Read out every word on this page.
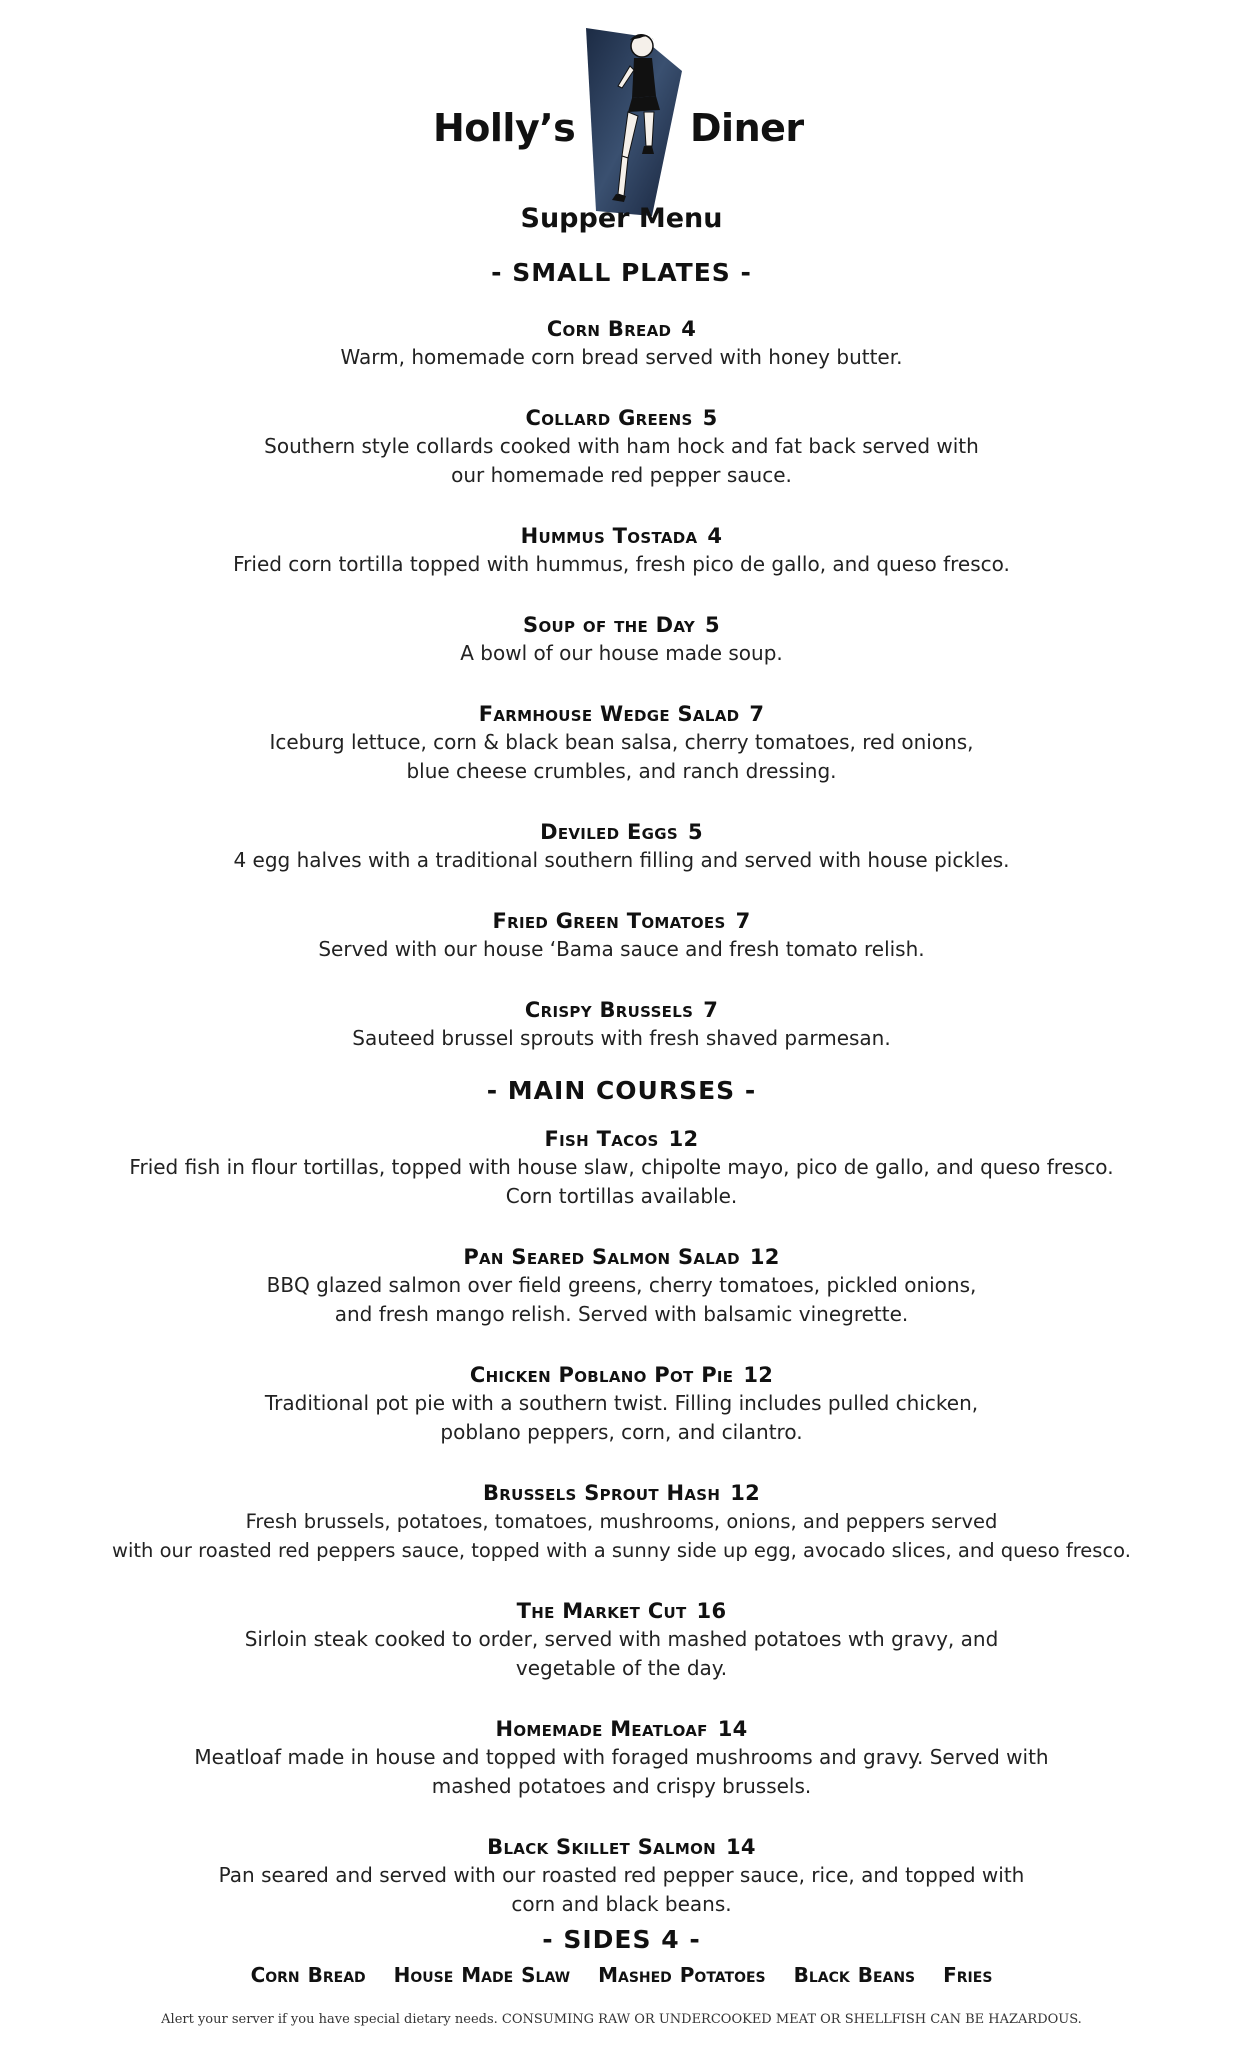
Holly’s	Diner
Supper Menu
- SMALL PLATES -
Corn Bread 4
Warm, homemade corn bread served with honey butter.
Collard Greens 5
Southern style collards cooked with ham hock and fat back served with
our homemade red pepper sauce.
Hummus Tostada 4
Fried corn tortilla topped with hummus, fresh pico de gallo, and queso fresco.
Soup of the Day 5
A bowl of our house made soup.
Farmhouse Wedge Salad 7
Iceburg lettuce, corn & black bean salsa, cherry tomatoes, red onions,
blue cheese crumbles, and ranch dressing.
Deviled Eggs 5
4 egg halves with a traditional southern filling and served with house pickles.
Fried Green Tomatoes 7
Served with our house ‘Bama sauce and fresh tomato relish.
Crispy Brussels 7
Sauteed brussel sprouts with fresh shaved parmesan.
- MAIN COURSES -
Fish Tacos 12
Fried fish in flour tortillas, topped with house slaw, chipolte mayo, pico de gallo, and queso fresco.
Corn tortillas available.
Pan Seared Salmon Salad 12
BBQ glazed salmon over field greens, cherry tomatoes, pickled onions,
and fresh mango relish. Served with balsamic vinegrette.
Chicken Poblano Pot Pie 12
Traditional pot pie with a southern twist. Filling includes pulled chicken,
poblano peppers, corn, and cilantro.
Brussels Sprout Hash 12
Fresh brussels, potatoes, tomatoes, mushrooms, onions, and peppers served
with our roasted red peppers sauce, topped with a sunny side up egg, avocado slices, and queso fresco.
The Market Cut 16
Sirloin steak cooked to order, served with mashed potatoes wth gravy, and
vegetable of the day.
Homemade Meatloaf 14
Meatloaf made in house and topped with foraged mushrooms and gravy. Served with
mashed potatoes and crispy brussels.
Black Skillet Salmon 14
Pan seared and served with our roasted red pepper sauce, rice, and topped with
corn and black beans.
- SIDES 4 -
Corn Bread House Made Slaw Mashed Potatoes Black Beans Fries
Alert your server if you have special dietary needs. CONSUMING RAW OR UNDERCOOKED MEAT OR SHELLFISH CAN BE HAZARDOUS.
